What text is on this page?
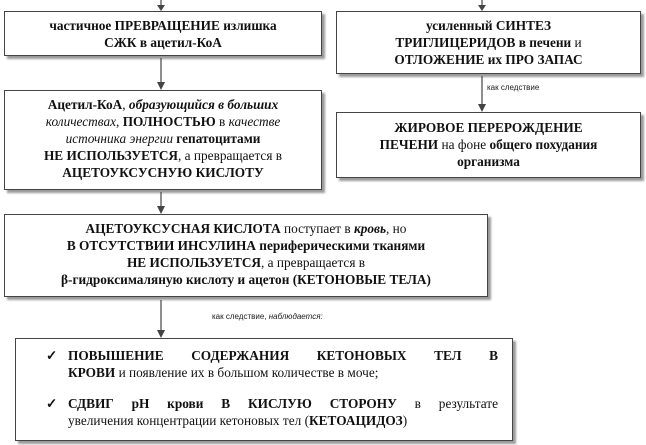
частичное ПРЕВРАЩЕНИЕ излишка
СЖК в ацетил-КоА
усиленный СИНТЕЗ
ТРИГЛИЦЕРИДОВ в печени и
ОТЛОЖЕНИЕ их ПРО ЗАПАС
как следствие
Ацетил-КоА, образующийся в больших
количествах, ПОЛНОСТЬЮ в качестве
источника энергии гепатоцитами
НЕ ИСПОЛЬЗУЕТСЯ, а превращается в
АЦЕТОУКСУСНУЮ КИСЛОТУ
ЖИРОВОЕ ПЕРЕРОЖДЕНИЕ
ПЕЧЕНИ на фоне общего похудания
организма
АЦЕТОУКСУСНАЯ КИСЛОТА поступает в кровь, но
В ОТСУТСТВИИ ИНСУЛИНА периферическими тканями
НЕ ИСПОЛЬЗУЕТСЯ, а превращается в
β-гидроксималяную кислоту и ацетон (КЕТОНОВЫЕ ТЕЛА)
как следствие, наблюдается:
✓ ПОВЫШЕНИЕ СОДЕРЖАНИЯ КЕТОНОВЫХ ТЕЛ В
КРОВИ и появление их в большом количестве в моче;
✓ СДВИГ pH крови В КИСЛУЮ СТОРОНУ в результате
увеличения концентрации кетоновых тел (КЕТОАЦИДОЗ)
